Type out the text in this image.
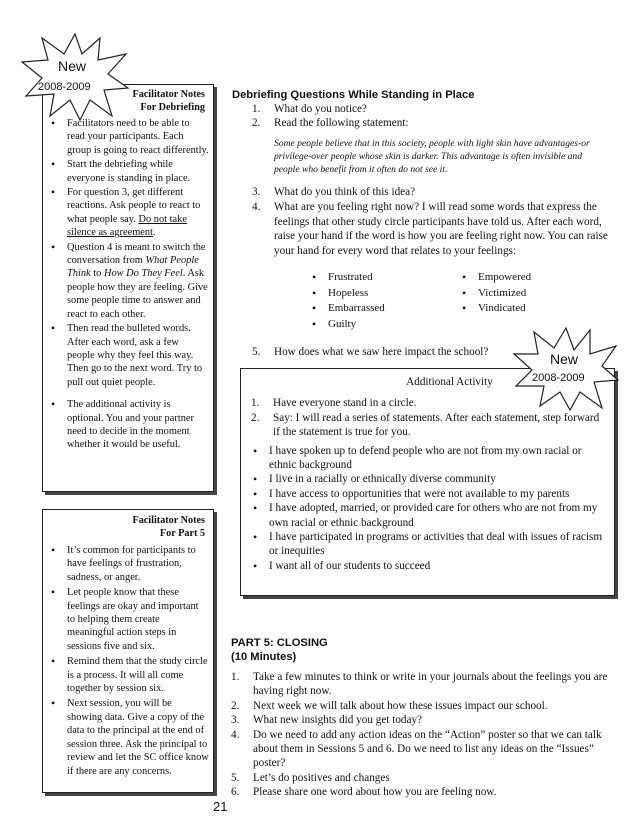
Facilitator Notes
For Debriefing
• Facilitators need to be able to read your participants. Each group is going to react differently.
• Start the debriefing while everyone is standing in place.
• For question 3, get different reactions. Ask people to react to what people say. Do not take silence as agreement.
• Question 4 is meant to switch the conversation from What People Think to How Do They Feel. Ask people how they are feeling. Give some people time to answer and react to each other.
• Then read the bulleted words. After each word, ask a few people why they feel this way. Then go to the next word. Try to pull out quiet people.
• The additional activity is optional. You and your partner need to decide in the moment whether it would be useful.
New
2008-2009
Facilitator Notes
For Part 5
• It’s common for participants to have feelings of frustration, sadness, or anger.
• Let people know that these feelings are okay and important to helping them create meaningful action steps in sessions five and six.
• Remind them that the study circle is a process. It will all come together by session six.
• Next session, you will be showing data. Give a copy of the data to the principal at the end of session three. Ask the principal to review and let the SC office know if there are any concerns.
Debriefing Questions While Standing in Place
1. What do you notice?
2. Read the following statement:
Some people believe that in this society, people with light skin have advantages-or privilege-over people whose skin is darker. This advantage is often invisible and people who benefit from it often do not see it.
3. What do you think of this idea?
4. What are you feeling right now? I will read some words that express the feelings that other study circle participants have told us. After each word, raise your hand if the word is how you are feeling right now. You can raise your hand for every word that relates to your feelings:
• Frustrated
• Hopeless
• Embarrassed
• Guilty
• Empowered
• Victimized
• Vindicated
5. How does what we saw here impact the school?
Additional Activity
1. Have everyone stand in a circle.
2. Say: I will read a series of statements. After each statement, step forward if the statement is true for you.
• I have spoken up to defend people who are not from my own racial or ethnic background
• I live in a racially or ethnically diverse community
• I have access to opportunities that were not available to my parents
• I have adopted, married, or provided care for others who are not from my own racial or ethnic background
• I have participated in programs or activities that deal with issues of racism or inequities
• I want all of our students to succeed
New
2008-2009
PART 5: CLOSING
(10 Minutes)
1. Take a few minutes to think or write in your journals about the feelings you are having right now.
2. Next week we will talk about how these issues impact our school.
3. What new insights did you get today?
4. Do we need to add any action ideas on the “Action” poster so that we can talk about them in Sessions 5 and 6. Do we need to list any ideas on the “Issues” poster?
5. Let’s do positives and changes
6. Please share one word about how you are feeling now.
21
